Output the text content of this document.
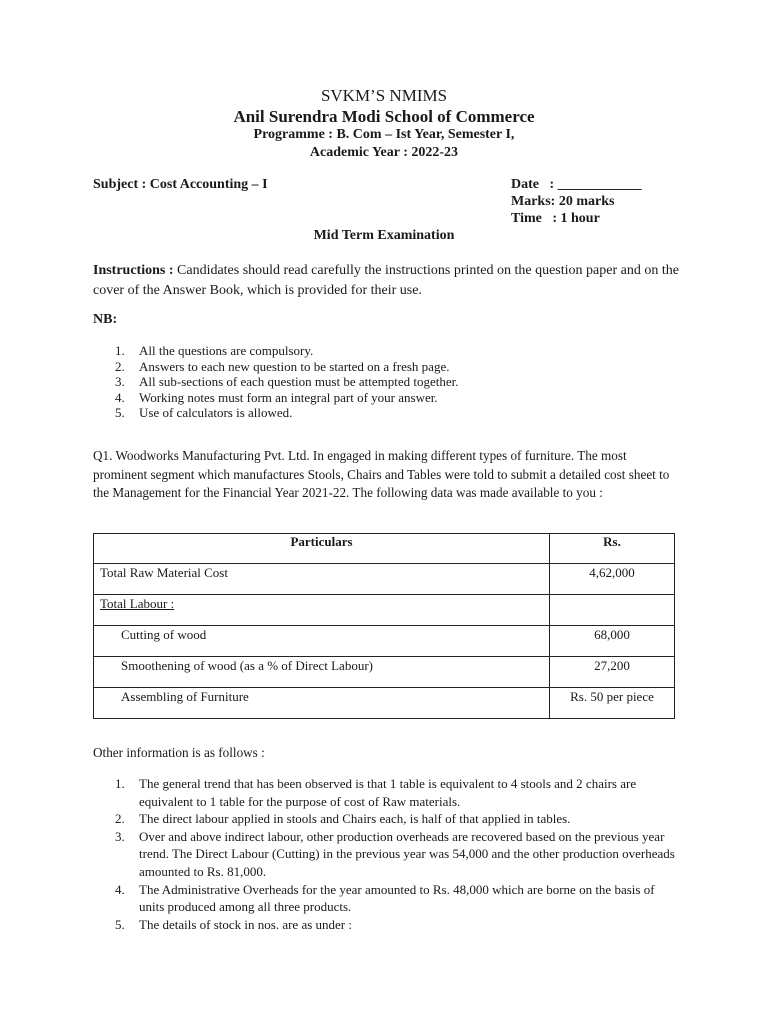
SVKM’S NMIMS
Anil Surendra Modi School of Commerce
Programme : B. Com – Ist Year, Semester I,
Academic Year : 2022-23
Subject : Cost Accounting – I	Date   : ____________
Marks: 20 marks
Time   : 1 hour
Mid Term Examination
Instructions : Candidates should read carefully the instructions printed on the question paper and on the cover of the Answer Book, which is provided for their use.
NB:
1. All the questions are compulsory.
2. Answers to each new question to be started on a fresh page.
3. All sub-sections of each question must be attempted together.
4. Working notes must form an integral part of your answer.
5. Use of calculators is allowed.
Q1. Woodworks Manufacturing Pvt. Ltd. In engaged in making different types of furniture. The most prominent segment which manufactures Stools, Chairs and Tables were told to submit a detailed cost sheet to the Management for the Financial Year 2021-22. The following data was made available to you :
Particulars	Rs.
Total Raw Material Cost	4,62,000
Total Labour :	
Cutting of wood	68,000
Smoothening of wood (as a % of Direct Labour)	27,200
Assembling of Furniture	Rs. 50 per piece
Other information is as follows :
1. The general trend that has been observed is that 1 table is equivalent to 4 stools and 2 chairs are equivalent to 1 table for the purpose of cost of Raw materials.
2. The direct labour applied in stools and Chairs each, is half of that applied in tables.
3. Over and above indirect labour, other production overheads are recovered based on the previous year trend. The Direct Labour (Cutting) in the previous year was 54,000 and the other production overheads amounted to Rs. 81,000.
4. The Administrative Overheads for the year amounted to Rs. 48,000 which are borne on the basis of units produced among all three products.
5. The details of stock in nos. are as under :
